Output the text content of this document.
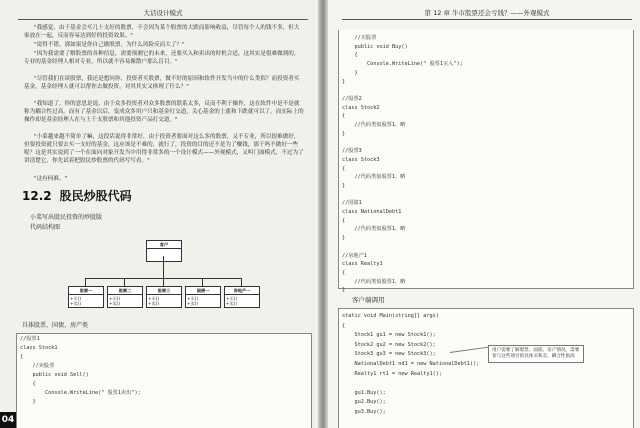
大话设计模式

"我感觉，由于基金会买几十支好的股票，不会因为某个股票的大跌而影响收益，尽管每个人的钱不多，但大家放在一起，反而容易达到好的投资效果。"

"说得不错。那如果是你自己做股票，为什么风险反而大了？"

"因为我需要了解股票的各种信息，需要预测它的未来，还要买入和卖出的时机合适，这其实是很难做到的，专业的基金经理人相对专业，所以就不容易像散户那么盲目。"

"尽管我们在谈股票，我还是想问你，投资者买股票，做不好的原因和软件开发当中的什么类似？而投资者买基金，基金经理人就可以帮你去做投资，对其其实又体现了什么？"

"我知道了，你的意思是说，由于众多投资者对众多股票的联系太多，反而不利于操作，这在软件中是不是就称为耦合性过高。而有了基金以后，变成众多用户只和基金打交道，关心基金的上涨和下跌就可以了，而实际上的操作却是基金经理人在与上千支股票和其他投资产品打交道。"

"小菜越来越不简单了嘛，这段话说得非常好，由于投资者要面对这么多的股票，又不专业，所以很难做好，但要投资就只要去买一支好的基金，这应该是不难的，就行了，投资的目的还不是为了赚钱，那干吗不做好一些呢？这是其实说到了一个在面向对象开发当中用得非常多的一个设计模式——外观模式，又叫门面模式，不过为了讲清楚它，你先试着把股民炒股票的代码写写看。"

"这有何难。"

12.2 股民炒股代码
小菜写出股民投资的炒股版
代码结构图
客户
股票一
+买()
+卖()
股票二
+买()
+卖()
股票三
+买()
+卖()
国债一
+买()
+卖()
房地产一
+买()
+卖()
具体股票、国债、房产类
//股票1
class Stock1
{
//卖股票
public void Sell()
{
Console.WriteLine(" 股票1卖出");
}
04
第 12 章 牛市股票还会亏钱？——外观模式
//买股票
public void Buy()
{
Console.WriteLine(" 股票1买入");
}
}

//股票2
class Stock2
{
//代码类似股票1，略
}

//股票3
class Stock3
{
//代码类似股票1，略
}

//国债1
class NationalDebt1
{
//代码类似股票1，略
}

//房地产1
class Realty1
{
//代码类似股票1，略
}
客户端调用
static void Main(string[] args)
{
Stock1 gu1 = new Stock1();
Stock2 gu2 = new Stock2();
Stock3 gu3 = new Stock3();
NationalDebt1 nd1 = new NationalDebt1();
Realty1 rt1 = new Realty1();

gu1.Buy();
gu2.Buy();
gu3.Buy();
用户需要了解股票、国债、房产情况，需要参与这些项目的具体买和卖，耦合性很高
